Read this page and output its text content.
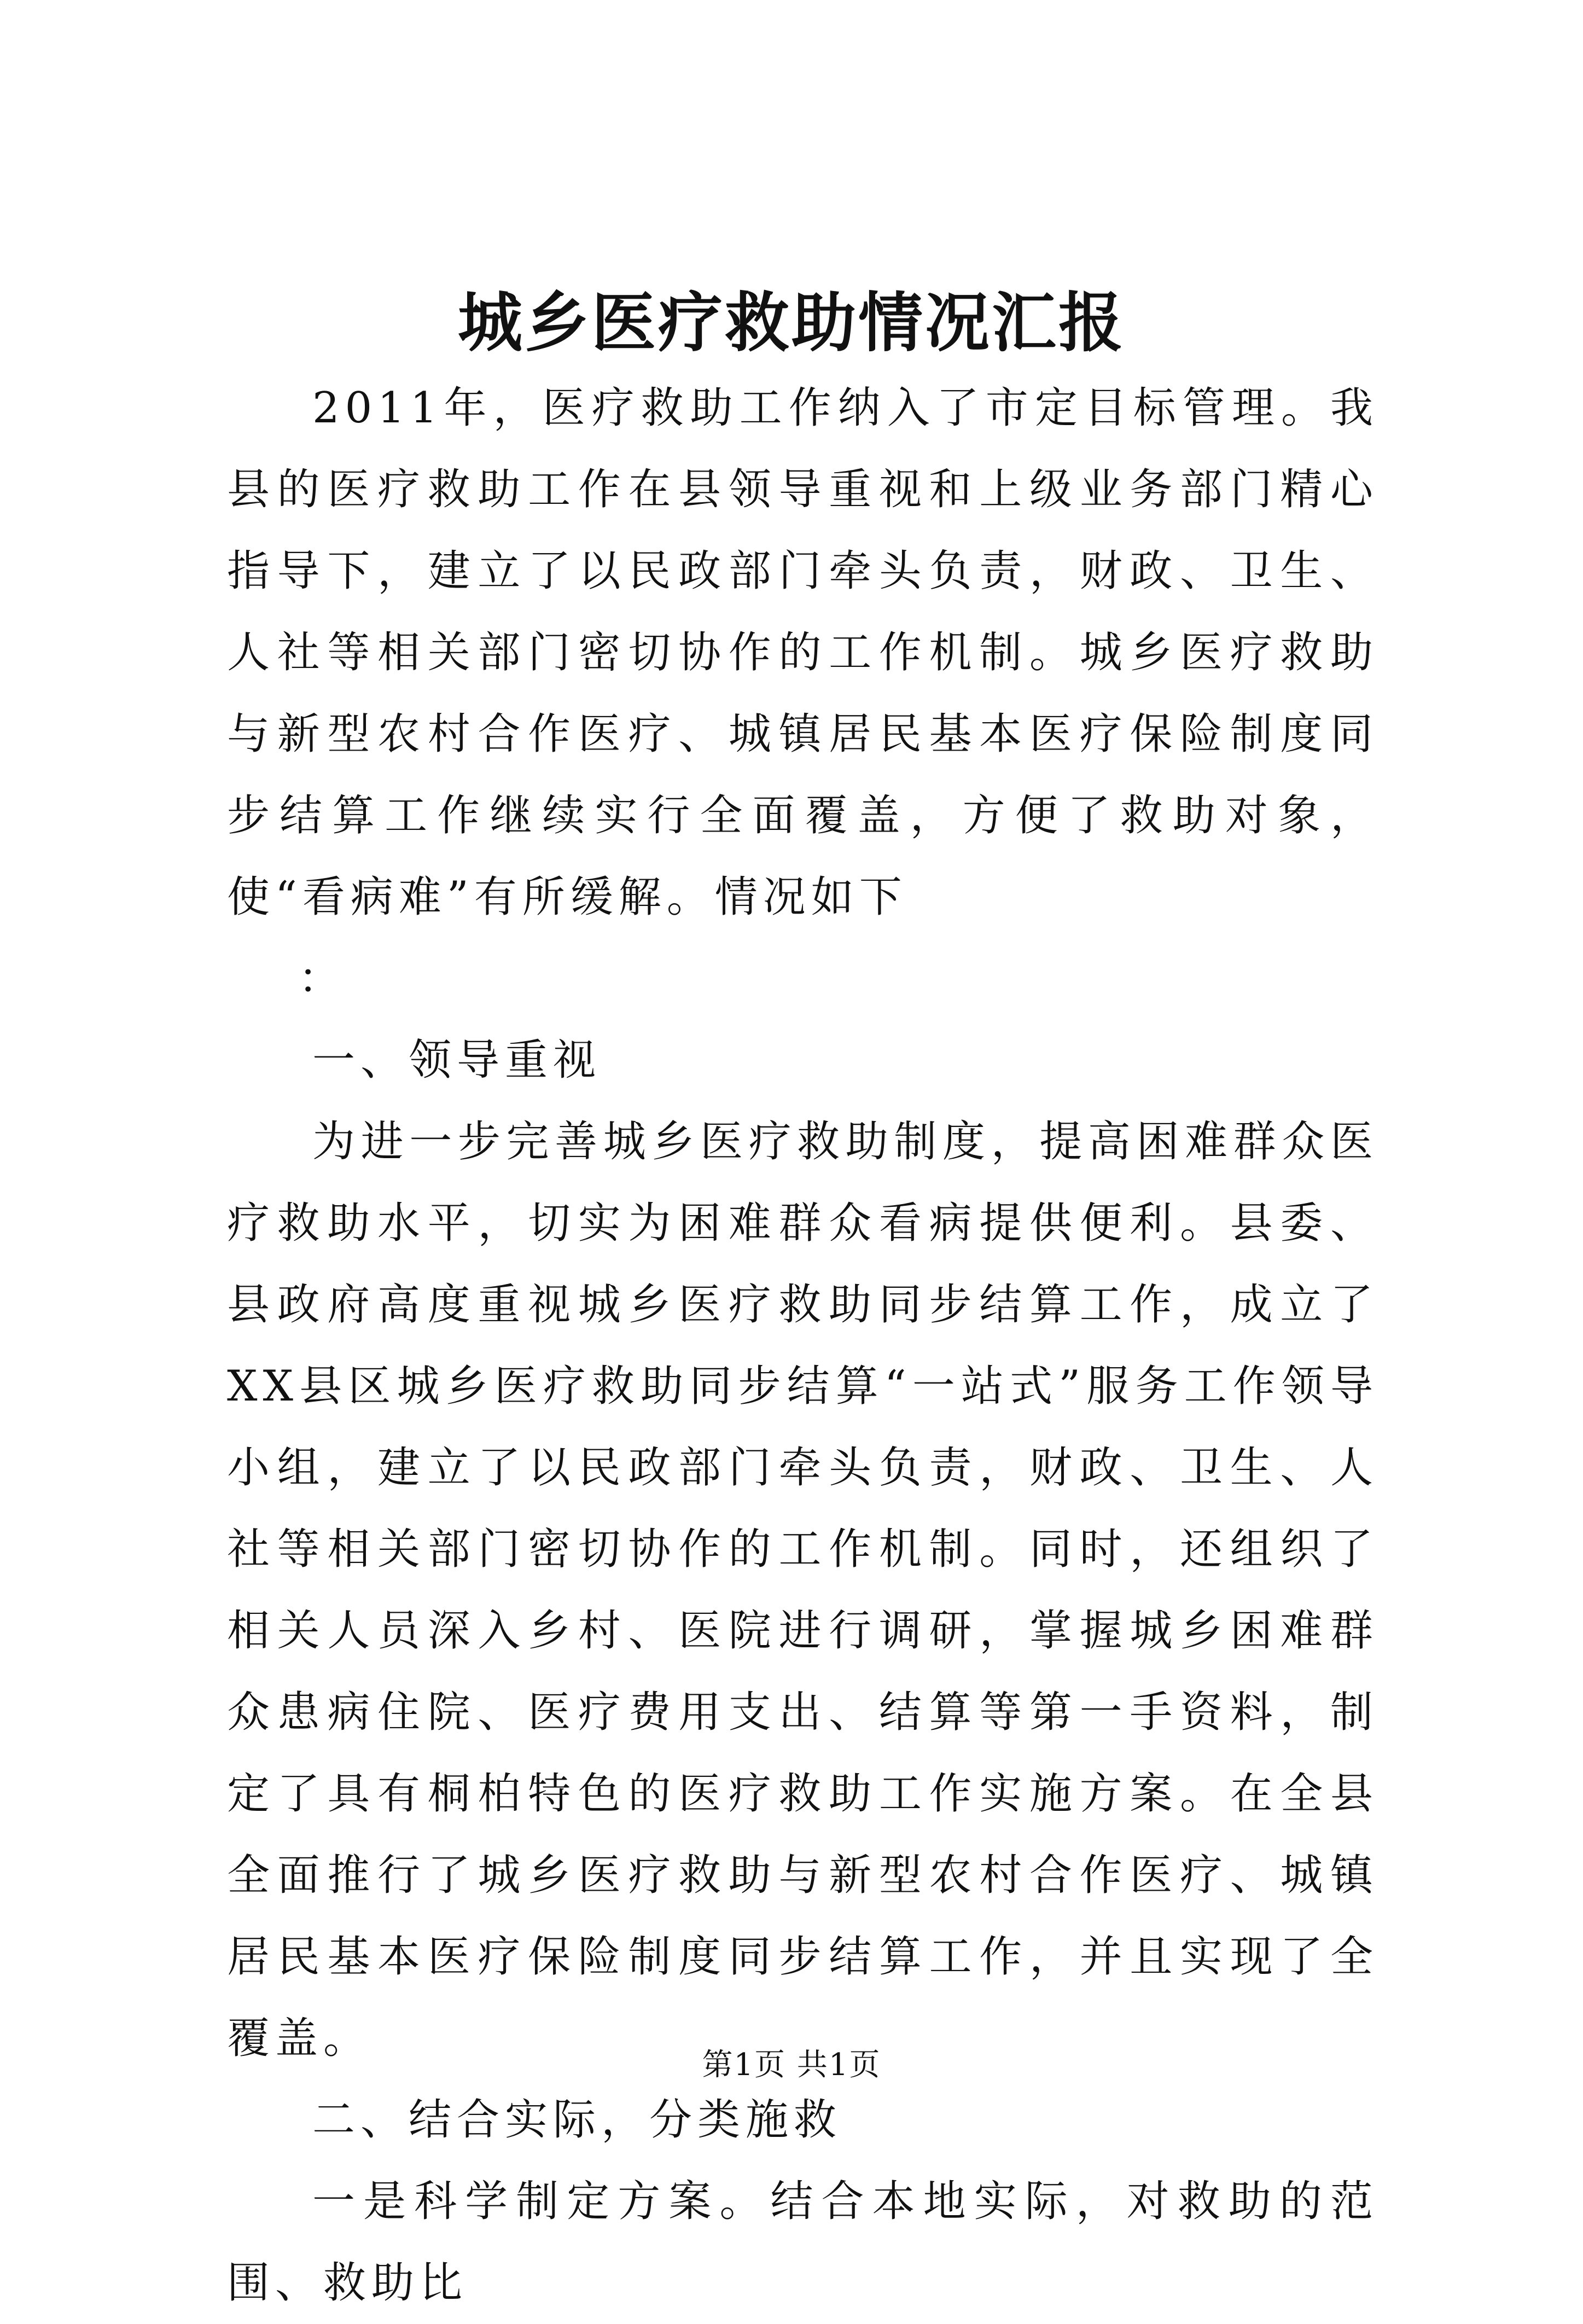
城乡医疗救助情况汇报

2011年，医疗救助工作纳入了市定目标管理。我县的医疗救助工作在县领导重视和上级业务部门精心指导下，建立了以民政部门牵头负责，财政、卫生、人社等相关部门密切协作的工作机制。城乡医疗救助与新型农村合作医疗、城镇居民基本医疗保险制度同步结算工作继续实行全面覆盖，方便了救助对象，使“看病难”有所缓解。情况如下

：

一、领导重视

为进一步完善城乡医疗救助制度，提高困难群众医疗救助水平，切实为困难群众看病提供便利。县委、县政府高度重视城乡医疗救助同步结算工作，成立了XX县区城乡医疗救助同步结算“一站式”服务工作领导小组，建立了以民政部门牵头负责，财政、卫生、人社等相关部门密切协作的工作机制。同时，还组织了相关人员深入乡村、医院进行调研，掌握城乡困难群众患病住院、医疗费用支出、结算等第一手资料，制定了具有桐柏特色的医疗救助工作实施方案。在全县全面推行了城乡医疗救助与新型农村合作医疗、城镇居民基本医疗保险制度同步结算工作，并且实现了全覆盖。

二、结合实际，分类施救

一是科学制定方案。结合本地实际，对救助的范围、救助比

第1页 共1页
